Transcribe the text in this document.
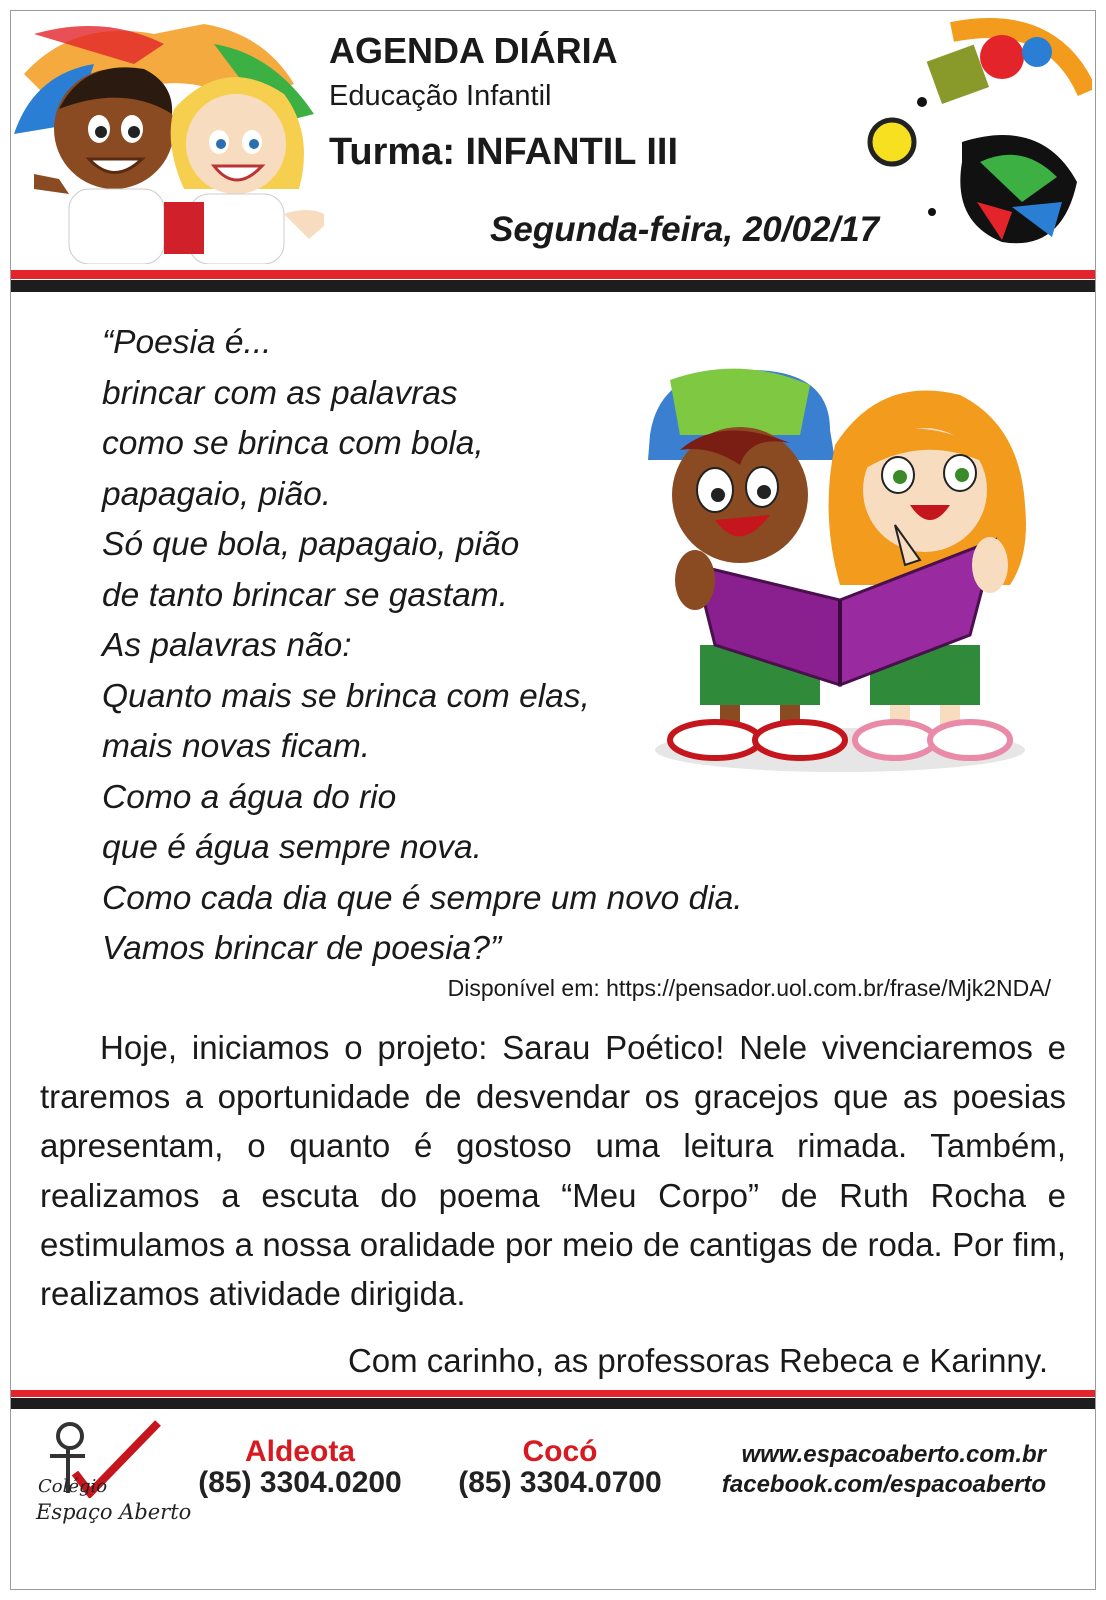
AGENDA DIÁRIA
Educação Infantil
Turma: INFANTIL III
Segunda-feira, 20/02/17
“Poesia é...
brincar com as palavras
como se brinca com bola,
papagaio, pião.
Só que bola, papagaio, pião
de tanto brincar se gastam.
As palavras não:
Quanto mais se brinca com elas,
mais novas ficam.
Como a água do rio
que é água sempre nova.
Como cada dia que é sempre um novo dia.
Vamos brincar de poesia?”
Disponível em: https://pensador.uol.com.br/frase/Mjk2NDA/

Hoje, iniciamos o projeto: Sarau Poético! Nele vivenciaremos e traremos a oportunidade de desvendar os gracejos que as poesias apresentam, o quanto é gostoso uma leitura rimada. Também, realizamos a escuta do poema “Meu Corpo” de Ruth Rocha e estimulamos a nossa oralidade por meio de cantigas de roda. Por fim, realizamos atividade dirigida.

Com carinho, as professoras Rebeca e Karinny.
Colégio
Espaço Aberto
Aldeota
(85) 3304.0200
Cocó
(85) 3304.0700
www.espacoaberto.com.br
facebook.com/espacoaberto
